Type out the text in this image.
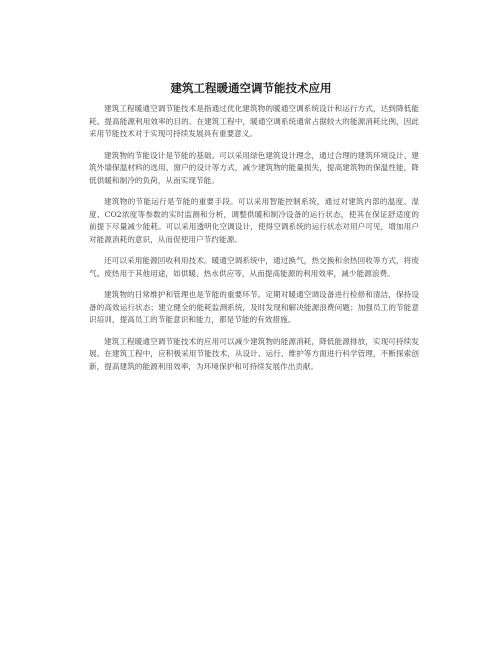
建筑工程暖通空调节能技术应用

建筑工程暖通空调节能技术是指通过优化建筑物的暖通空调系统设计和运行方式，达到降低能耗、提高能源利用效率的目的。在建筑工程中，暖通空调系统通常占据较大的能源消耗比例，因此采用节能技术对于实现可持续发展具有重要意义。

建筑物的节能设计是节能的基础。可以采用绿色建筑设计理念，通过合理的建筑环境设计、建筑外墙保温材料的选用、窗户的设计等方式，减少建筑物的能量损失，提高建筑物的保温性能，降低供暖和制冷的负荷，从而实现节能。

建筑物的节能运行是节能的重要手段。可以采用智能控制系统，通过对建筑内部的温度、湿度、CO2浓度等参数的实时监测和分析，调整供暖和制冷设备的运行状态，使其在保证舒适度的前提下尽量减少能耗。可以采用透明化空调设计，使得空调系统的运行状态对用户可见，增加用户对能源消耗的意识，从而促使用户节约能源。

还可以采用能源回收利用技术。暖通空调系统中，通过换气，热交换和余热回收等方式，将废气、废热用于其他用途，如供暖、热水供应等，从而提高能源的利用效率，减少能源浪费。

建筑物的日常维护和管理也是节能的重要环节。定期对暖通空调设备进行检修和清洁，保持设备的高效运行状态；建立健全的能耗监测系统，及时发现和解决能源浪费问题；加强员工的节能意识培训，提高员工的节能意识和能力，都是节能的有效措施。

建筑工程暖通空调节能技术的应用可以减少建筑物的能源消耗，降低能源排放，实现可持续发展。在建筑工程中，应积极采用节能技术，从设计、运行、维护等方面进行科学管理，不断探索创新，提高建筑的能源利用效率，为环境保护和可持续发展作出贡献。
